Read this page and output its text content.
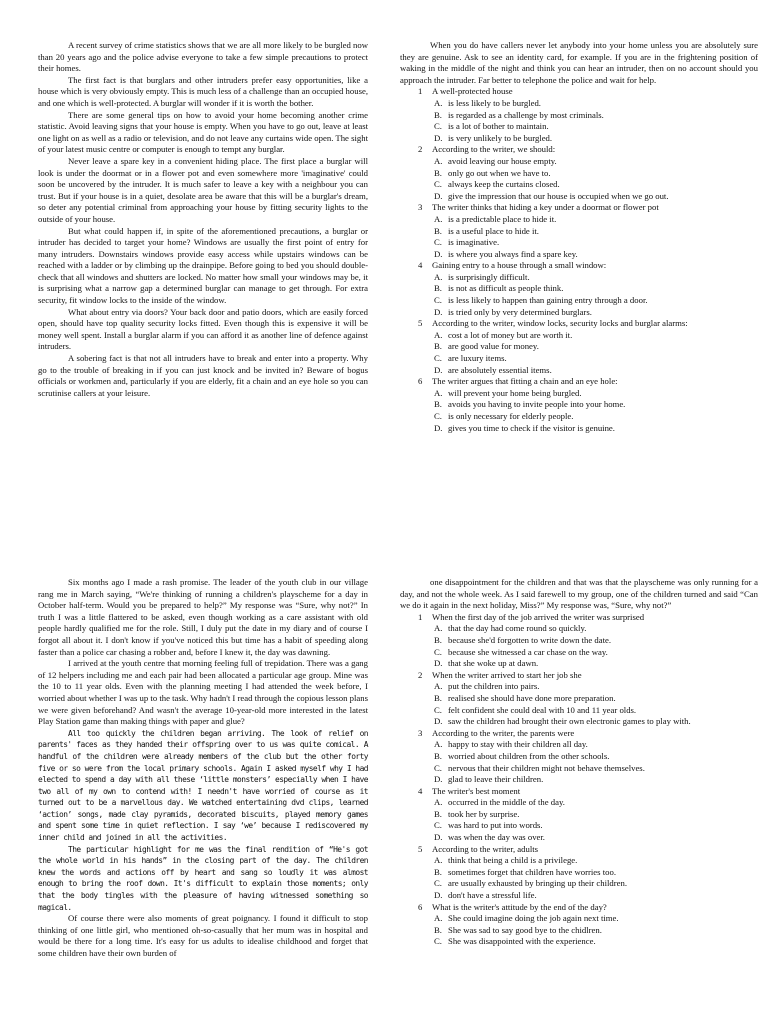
A recent survey of crime statistics shows that we are all more likely to be burgled now than 20 years ago and the police advise everyone to take a few simple precautions to protect their homes.

The first fact is that burglars and other intruders prefer easy opportunities, like a house which is very obviously empty. This is much less of a challenge than an occupied house, and one which is well-protected. A burglar will wonder if it is worth the bother.

There are some general tips on how to avoid your home becoming another crime statistic. Avoid leaving signs that your house is empty. When you have to go out, leave at least one light on as well as a radio or television, and do not leave any curtains wide open. The sight of your latest music centre or computer is enough to tempt any burglar.

Never leave a spare key in a convenient hiding place. The first place a burglar will look is under the doormat or in a flower pot and even somewhere more 'imaginative' could soon be uncovered by the intruder. It is much safer to leave a key with a neighbour you can trust. But if your house is in a quiet, desolate area be aware that this will be a burglar's dream, so deter any potential criminal from approaching your house by fitting security lights to the outside of your house.

But what could happen if, in spite of the aforementioned precautions, a burglar or intruder has decided to target your home? Windows are usually the first point of entry for many intruders. Downstairs windows provide easy access while upstairs windows can be reached with a ladder or by climbing up the drainpipe. Before going to bed you should double-check that all windows and shutters are locked. No matter how small your windows may be, it is surprising what a narrow gap a determined burglar can manage to get through. For extra security, fit window locks to the inside of the window.

What about entry via doors? Your back door and patio doors, which are easily forced open, should have top quality security locks fitted. Even though this is expensive it will be money well spent. Install a burglar alarm if you can afford it as another line of defence against intruders.

A sobering fact is that not all intruders have to break and enter into a property. Why go to the trouble of breaking in if you can just knock and be invited in? Beware of bogus officials or workmen and, particularly if you are elderly, fit a chain and an eye hole so you can scrutinise callers at your leisure.

When you do have callers never let anybody into your home unless you are absolutely sure they are genuine. Ask to see an identity card, for example. If you are in the frightening position of waking in the middle of the night and think you can hear an intruder, then on no account should you approach the intruder. Far better to telephone the police and wait for help.

1	A well-protected house
A. is less likely to be burgled.
B. is regarded as a challenge by most criminals.
C. is a lot of bother to maintain.
D. is very unlikely to be burgled.
2	According to the writer, we should:
A. avoid leaving our house empty.
B. only go out when we have to.
C. always keep the curtains closed.
D. give the impression that our house is occupied when we go out.
3	The writer thinks that hiding a key under a doormat or flower pot
A. is a predictable place to hide it.
B. is a useful place to hide it.
C. is imaginative.
D. is where you always find a spare key.
4	Gaining entry to a house through a small window:
A. is surprisingly difficult.
B. is not as difficult as people think.
C. is less likely to happen than gaining entry through a door.
D. is tried only by very determined burglars.
5	According to the writer, window locks, security locks and burglar alarms:
A. cost a lot of money but are worth it.
B. are good value for money.
C. are luxury items.
D. are absolutely essential items.
6	The writer argues that fitting a chain and an eye hole:
A. will prevent your home being burgled.
B. avoids you having to invite people into your home.
C. is only necessary for elderly people.
D. gives you time to check if the visitor is genuine.

Six months ago I made a rash promise. The leader of the youth club in our village rang me in March saying, “We're thinking of running a children's playscheme for a day in October half-term. Would you be prepared to help?” My response was “Sure, why not?” In truth I was a little flattered to be asked, even though working as a care assistant with old people hardly qualified me for the role. Still, I duly put the date in my diary and of course I forgot all about it. I don't know if you've noticed this but time has a habit of speeding along faster than a police car chasing a robber and, before I knew it, the day was dawning.

I arrived at the youth centre that morning feeling full of trepidation. There was a gang of 12 helpers including me and each pair had been allocated a particular age group. Mine was the 10 to 11 year olds. Even with the planning meeting I had attended the week before, I worried about whether I was up to the task. Why hadn't I read through the copious lesson plans we were given beforehand? And wasn't the average 10-year-old more interested in the latest Play Station game than making things with paper and glue?

All too quickly the children began arriving. The look of relief on parents' faces as they handed their offspring over to us was quite comical. A handful of the children were already members of the club but the other forty five or so were from the local primary schools. Again I asked myself why I had elected to spend a day with all these ‘little monsters’ especially when I have two all of my own to contend with! I needn't have worried of course as it turned out to be a marvellous day. We watched entertaining dvd clips, learned ‘action’ songs, made clay pyramids, decorated biscuits, played memory games and spent some time in quiet reflection. I say ‘we’ because I rediscovered my inner child and joined in all the activities.

The particular highlight for me was the final rendition of “He's got the whole world in his hands” in the closing part of the day. The children knew the words and actions off by heart and sang so loudly it was almost enough to bring the roof down. It's difficult to explain those moments; only that the body tingles with the pleasure of having witnessed something so magical.

Of course there were also moments of great poignancy. I found it difficult to stop thinking of one little girl, who mentioned oh-so-casually that her mum was in hospital and would be there for a long time. It's easy for us adults to idealise childhood and forget that some children have their own burden of

one disappointment for the children and that was that the playscheme was only running for a day, and not the whole week. As I said farewell to my group, one of the children turned and said “Can we do it again in the next holiday, Miss?” My response was, “Sure, why not?”

1	When the first day of the job arrived the writer was surprised
A. that the day had come round so quickly.
B. because she'd forgotten to write down the date.
C. because she witnessed a car chase on the way.
D. that she woke up at dawn.
2	When the writer arrived to start her job she
A. put the children into pairs.
B. realised she should have done more preparation.
C. felt confident she could deal with 10 and 11 year olds.
D. saw the children had brought their own electronic games to play with.
3	According to the writer, the parents were
A. happy to stay with their children all day.
B. worried about children from the other schools.
C. nervous that their children might not behave themselves.
D. glad to leave their children.
4	The writer's best moment
A. occurred in the middle of the day.
B. took her by surprise.
C. was hard to put into words.
D. was when the day was over.
5	According to the writer, adults
A. think that being a child is a privilege.
B. sometimes forget that children have worries too.
C. are usually exhausted by bringing up their children.
D. don't have a stressful life.
6	What is the writer's attitude by the end of the day?
A. She could imagine doing the job again next time.
B. She was sad to say good bye to the chidlren.
C. She was disappointed with the experience.
